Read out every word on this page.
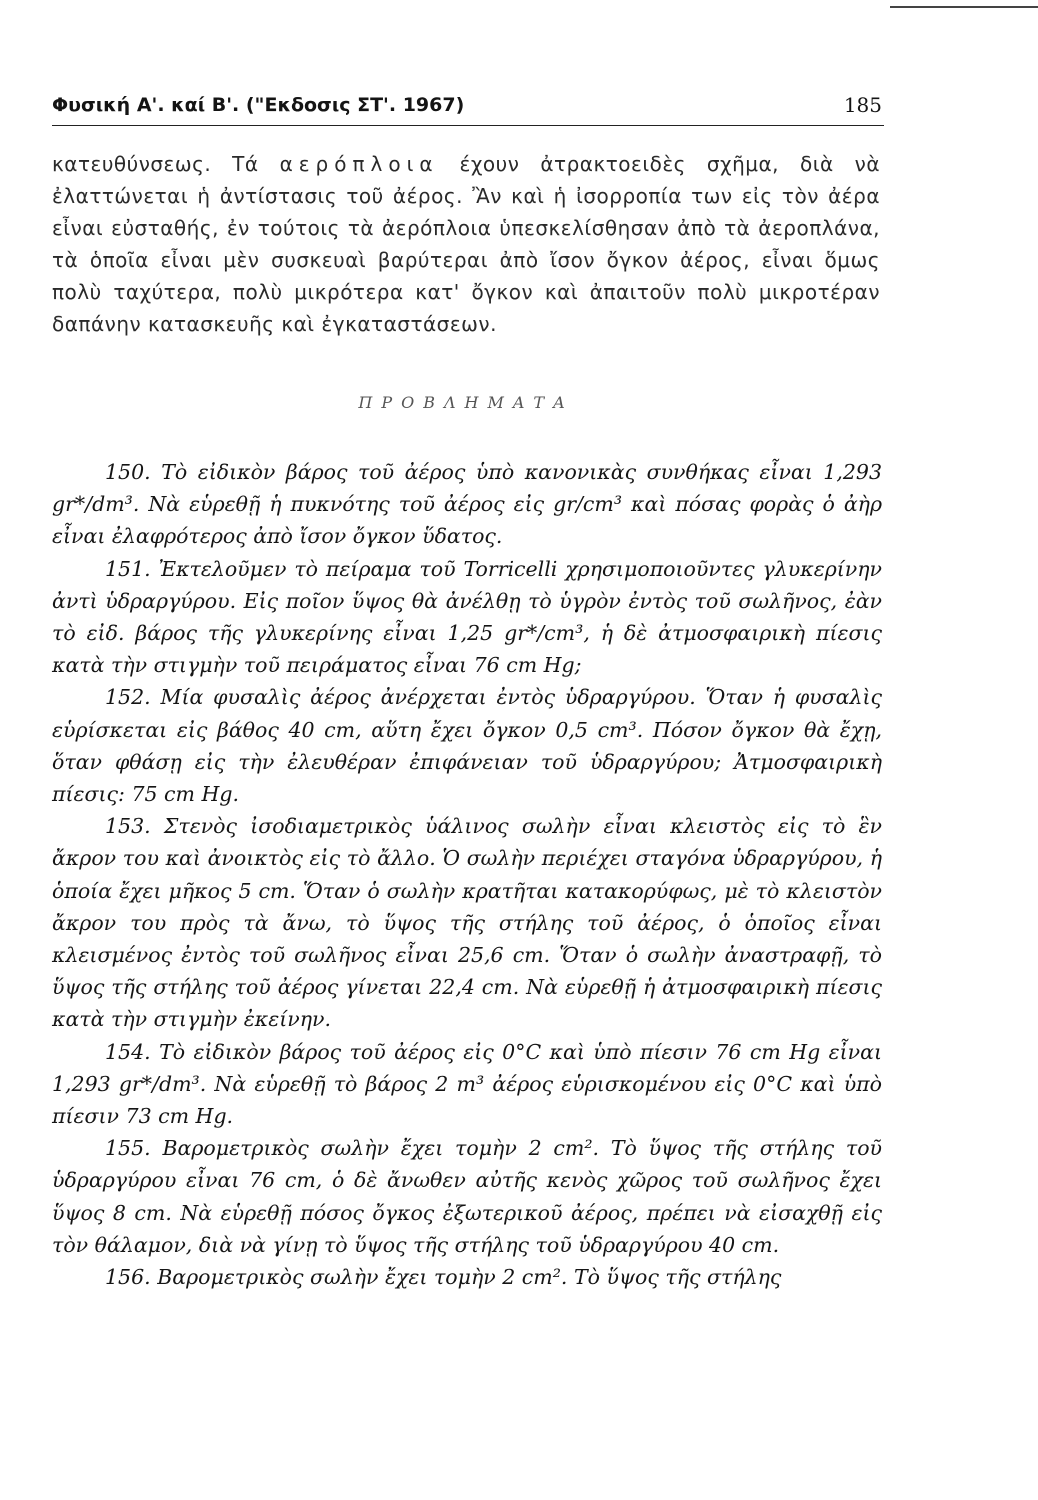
Φυσική Α'. καί Β'. ("Εκδοσις ΣΤ'. 1967)	185
κατευθύνσεως. Τά αερόπλοια έχουν ἀτρακτοειδὲς σχῆμα, διὰ νὰ ἐλαττώνεται ἡ ἀντίστασις τοῦ ἀέρος. Ἂν καὶ ἡ ἰσορροπία των εἰς τὸν ἀέρα εἶναι εὐσταθής, ἐν τούτοις τὰ ἀερόπλοια ὑπεσκελίσθησαν ἀπὸ τὰ ἀεροπλάνα, τὰ ὁποῖα εἶναι μὲν συσκευαὶ βαρύτεραι ἀπὸ ἴσον ὄγκον ἀέρος, εἶναι ὅμως πολὺ ταχύτερα, πολὺ μικρότερα κατ' ὄγκον καὶ ἀπαιτοῦν πολὺ μικροτέραν δαπάνην κατασκευῆς καὶ ἐγκαταστάσεων.
ΠΡΟΒΛΗΜΑΤΑ

150. Τὸ εἰδικὸν βάρος τοῦ ἀέρος ὑπὸ κανονικὰς συνθήκας εἶναι 1,293 gr*/dm³. Νὰ εὑρεθῇ ἡ πυκνότης τοῦ ἀέρος εἰς gr/cm³ καὶ πόσας φορὰς ὁ ἀὴρ εἶναι ἐλαφρότερος ἀπὸ ἴσον ὄγκον ὕδατος.

151. Ἐκτελοῦμεν τὸ πείραμα τοῦ Torricelli χρησιμοποιοῦντες γλυκερίνην ἀντὶ ὑδραργύρου. Εἰς ποῖον ὕψος θὰ ἀνέλθῃ τὸ ὑγρὸν ἐντὸς τοῦ σωλῆνος, ἐὰν τὸ εἰδ. βάρος τῆς γλυκερίνης εἶναι 1,25 gr*/cm³, ἡ δὲ ἀτμοσφαιρικὴ πίεσις κατὰ τὴν στιγμὴν τοῦ πειράματος εἶναι 76 cm Hg;

152. Μία φυσαλὶς ἀέρος ἀνέρχεται ἐντὸς ὑδραργύρου. Ὅταν ἡ φυσαλὶς εὑρίσκεται εἰς βάθος 40 cm, αὕτη ἔχει ὄγκον 0,5 cm³. Πόσον ὄγκον θὰ ἔχῃ, ὅταν φθάσῃ εἰς τὴν ἐλευθέραν ἐπιφάνειαν τοῦ ὑδραργύρου; Ἀτμοσφαιρικὴ πίεσις: 75 cm Hg.

153. Στενὸς ἰσοδιαμετρικὸς ὑάλινος σωλὴν εἶναι κλειστὸς εἰς τὸ ἓν ἄκρον του καὶ ἀνοικτὸς εἰς τὸ ἄλλο. Ὁ σωλὴν περιέχει σταγόνα ὑδραργύρου, ἡ ὁποία ἔχει μῆκος 5 cm. Ὅταν ὁ σωλὴν κρατῆται κατακορύφως, μὲ τὸ κλειστὸν ἄκρον του πρὸς τὰ ἄνω, τὸ ὕψος τῆς στήλης τοῦ ἀέρος, ὁ ὁποῖος εἶναι κλεισμένος ἐντὸς τοῦ σωλῆνος εἶναι 25,6 cm. Ὅταν ὁ σωλὴν ἀναστραφῇ, τὸ ὕψος τῆς στήλης τοῦ ἀέρος γίνεται 22,4 cm. Νὰ εὑρεθῇ ἡ ἀτμοσφαιρικὴ πίεσις κατὰ τὴν στιγμὴν ἐκείνην.

154. Τὸ εἰδικὸν βάρος τοῦ ἀέρος εἰς 0°C καὶ ὑπὸ πίεσιν 76 cm Hg εἶναι 1,293 gr*/dm³. Νὰ εὑρεθῇ τὸ βάρος 2 m³ ἀέρος εὑρισκομένου εἰς 0°C καὶ ὑπὸ πίεσιν 73 cm Hg.

155. Βαρομετρικὸς σωλὴν ἔχει τομὴν 2 cm². Τὸ ὕψος τῆς στήλης τοῦ ὑδραργύρου εἶναι 76 cm, ὁ δὲ ἄνωθεν αὐτῆς κενὸς χῶρος τοῦ σωλῆνος ἔχει ὕψος 8 cm. Νὰ εὑρεθῇ πόσος ὄγκος ἐξωτερικοῦ ἀέρος, πρέπει νὰ εἰσαχθῇ εἰς τὸν θάλαμον, διὰ νὰ γίνῃ τὸ ὕψος τῆς στήλης τοῦ ὑδραργύρου 40 cm.

156. Βαρομετρικὸς σωλὴν ἔχει τομὴν 2 cm². Τὸ ὕψος τῆς στήλης
